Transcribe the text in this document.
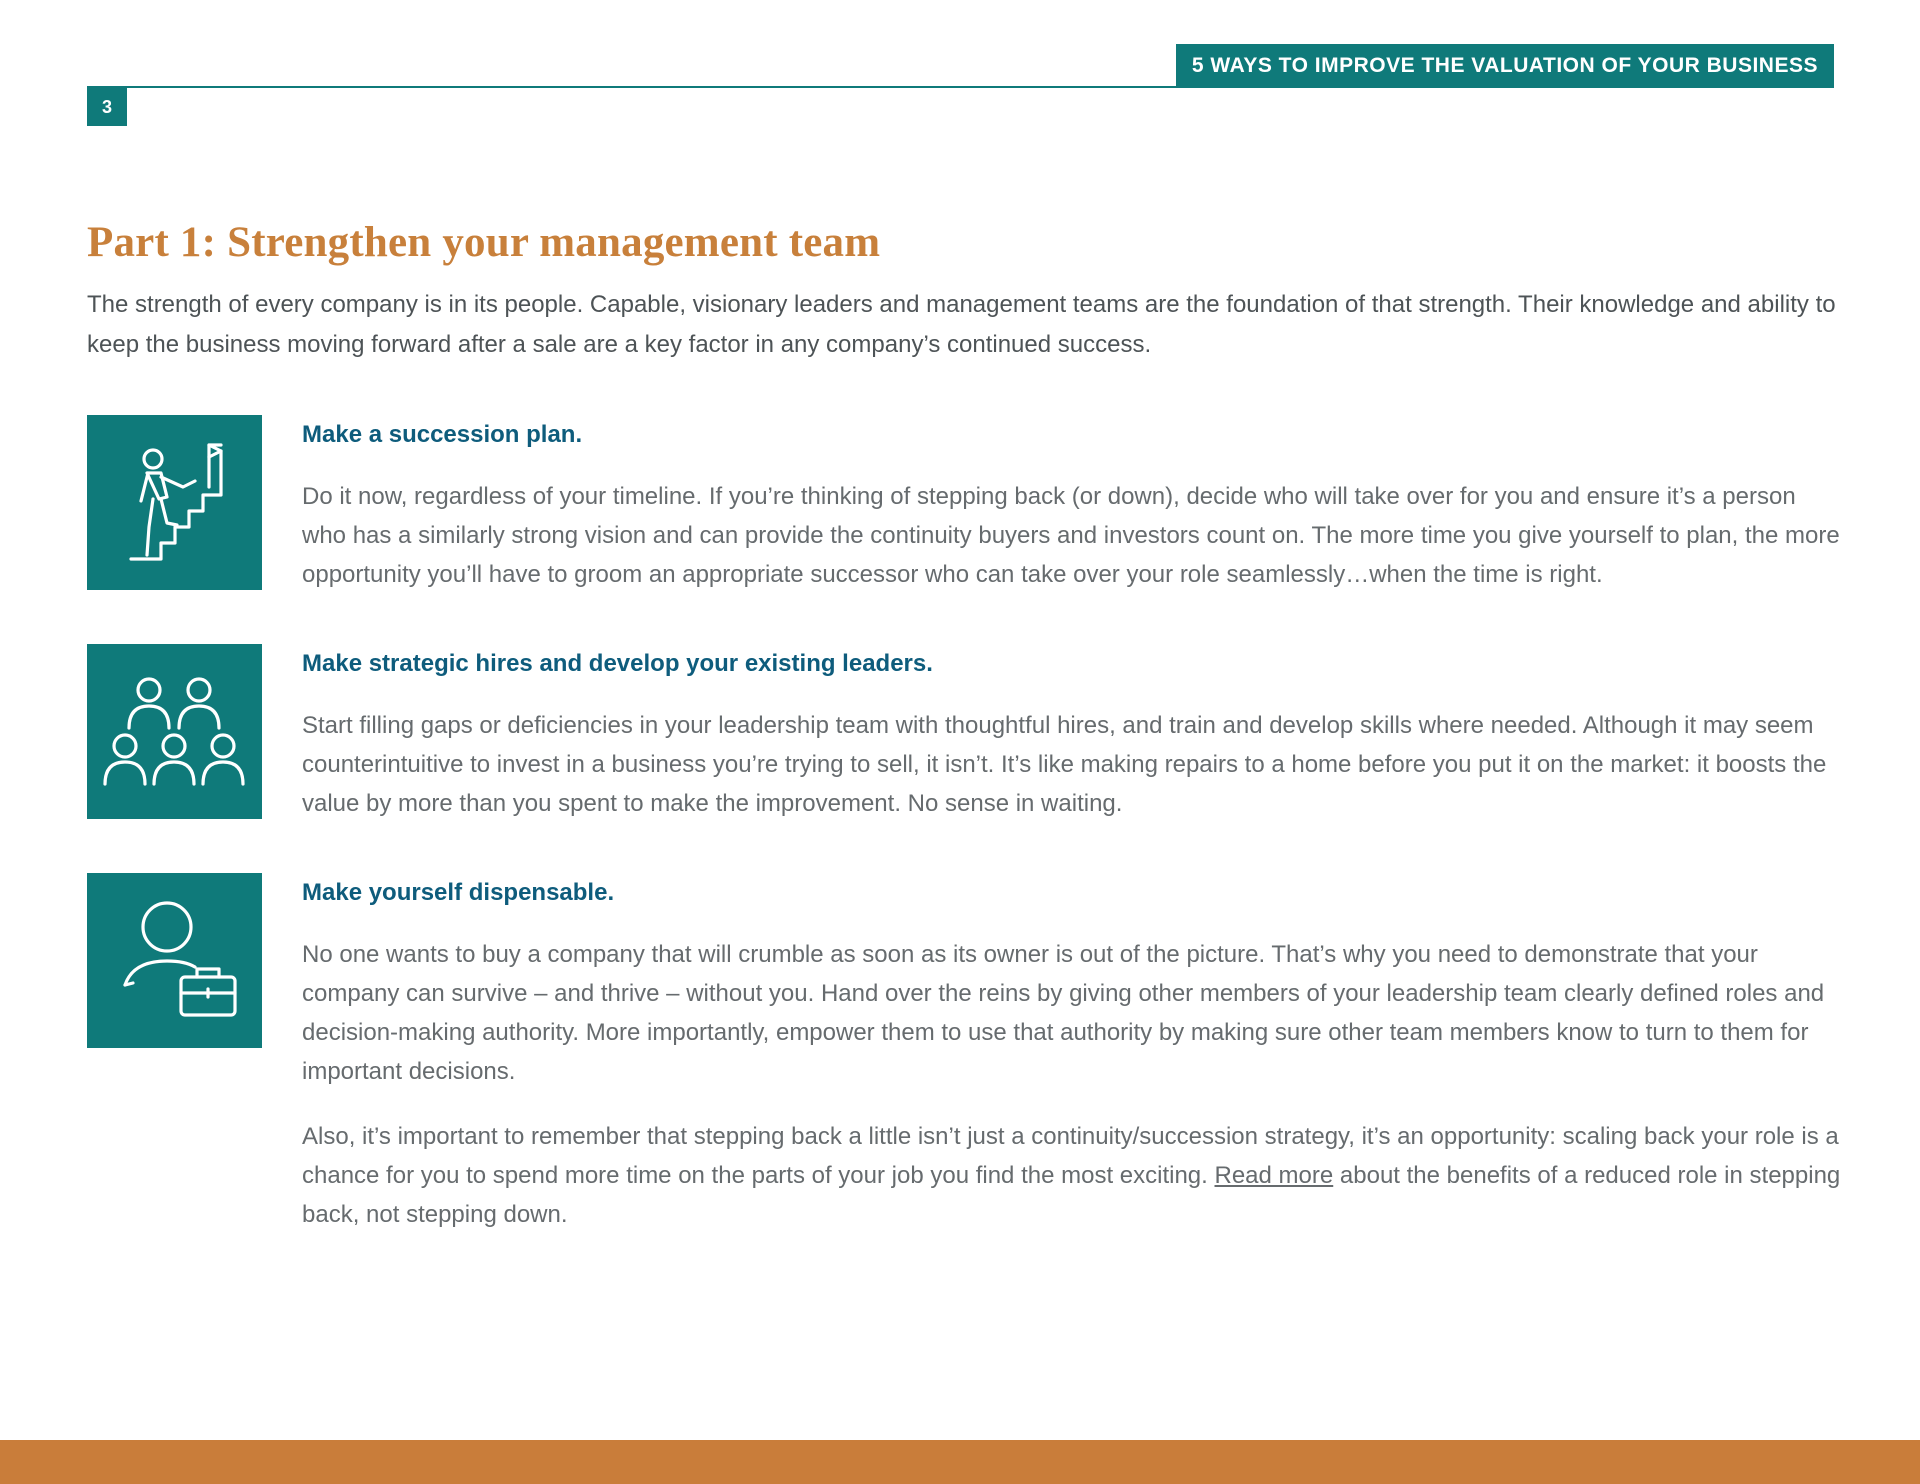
5 WAYS TO IMPROVE THE VALUATION OF YOUR BUSINESS
3
Part 1: Strengthen your management team

The strength of every company is in its people. Capable, visionary leaders and management teams are the foundation of that strength. Their knowledge and ability to keep the business moving forward after a sale are a key factor in any company’s continued success.

Make a succession plan.

Do it now, regardless of your timeline. If you’re thinking of stepping back (or down), decide who will take over for you and ensure it’s a person who has a similarly strong vision and can provide the continuity buyers and investors count on. The more time you give yourself to plan, the more opportunity you’ll have to groom an appropriate successor who can take over your role seamlessly…when the time is right.

Make strategic hires and develop your existing leaders.

Start filling gaps or deficiencies in your leadership team with thoughtful hires, and train and develop skills where needed. Although it may seem counterintuitive to invest in a business you’re trying to sell, it isn’t. It’s like making repairs to a home before you put it on the market: it boosts the value by more than you spent to make the improvement. No sense in waiting.

Make yourself dispensable.

No one wants to buy a company that will crumble as soon as its owner is out of the picture. That’s why you need to demonstrate that your company can survive – and thrive – without you. Hand over the reins by giving other members of your leadership team clearly defined roles and decision-making authority. More importantly, empower them to use that authority by making sure other team members know to turn to them for important decisions.

Also, it’s important to remember that stepping back a little isn’t just a continuity/succession strategy, it’s an opportunity: scaling back your role is a chance for you to spend more time on the parts of your job you find the most exciting. Read more about the benefits of a reduced role in stepping back, not stepping down.
